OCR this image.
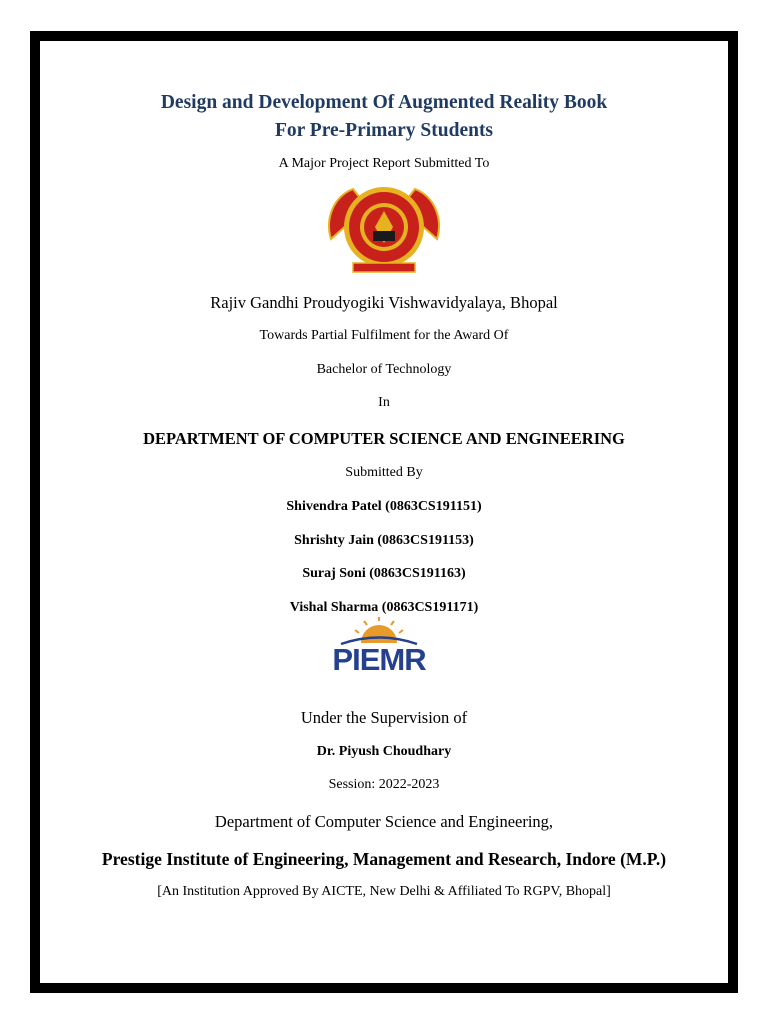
Design and Development Of Augmented Reality Book
For Pre-Primary Students
A Major Project Report Submitted To
Rajiv Gandhi Proudyogiki Vishwavidyalaya, Bhopal
Towards Partial Fulfilment for the Award Of
Bachelor of Technology
In
DEPARTMENT OF COMPUTER SCIENCE AND ENGINEERING
Submitted By
Shivendra Patel (0863CS191151)
Shrishty Jain (0863CS191153)
Suraj Soni (0863CS191163)
Vishal Sharma (0863CS191171)
PIEMR
Under the Supervision of
Dr. Piyush Choudhary
Session: 2022-2023
Department of Computer Science and Engineering,
Prestige Institute of Engineering, Management and Research, Indore (M.P.)
[An Institution Approved By AICTE, New Delhi & Affiliated To RGPV, Bhopal]
